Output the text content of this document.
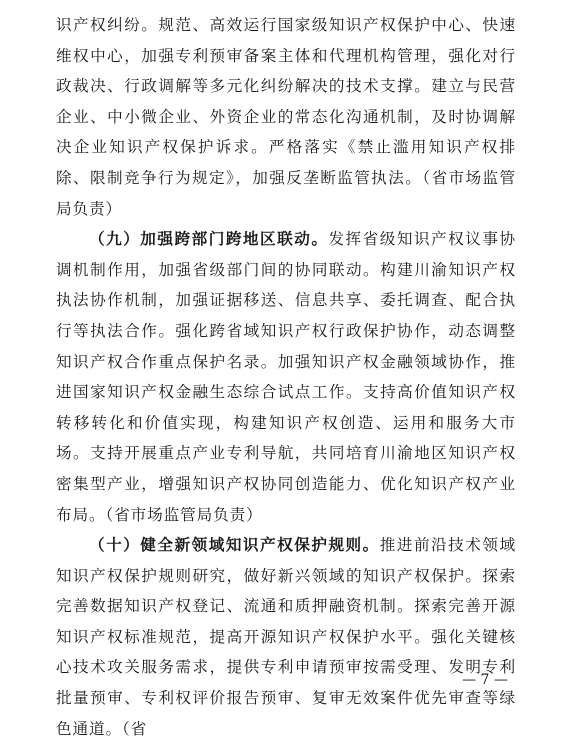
识产权纠纷。规范、高效运行国家级知识产权保护中心、快速维权中心，加强专利预审备案主体和代理机构管理，强化对行政裁决、行政调解等多元化纠纷解决的技术支撑。建立与民营企业、中小微企业、外资企业的常态化沟通机制，及时协调解决企业知识产权保护诉求。严格落实《禁止滥用知识产权排除、限制竞争行为规定》，加强反垄断监管执法。（省市场监管局负责）

（九）加强跨部门跨地区联动。发挥省级知识产权议事协调机制作用，加强省级部门间的协同联动。构建川渝知识产权执法协作机制，加强证据移送、信息共享、委托调查、配合执行等执法合作。强化跨省域知识产权行政保护协作，动态调整知识产权合作重点保护名录。加强知识产权金融领域协作，推进国家知识产权金融生态综合试点工作。支持高价值知识产权转移转化和价值实现，构建知识产权创造、运用和服务大市场。支持开展重点产业专利导航，共同培育川渝地区知识产权密集型产业，增强知识产权协同创造能力、优化知识产权产业布局。（省市场监管局负责）

（十）健全新领域知识产权保护规则。推进前沿技术领域知识产权保护规则研究，做好新兴领域的知识产权保护。探索完善数据知识产权登记、流通和质押融资机制。探索完善开源知识产权标准规范，提高开源知识产权保护水平。强化关键核心技术攻关服务需求，提供专利申请预审按需受理、发明专利批量预审、专利权评价报告预审、复审无效案件优先审查等绿色通道。（省

— 7 —
